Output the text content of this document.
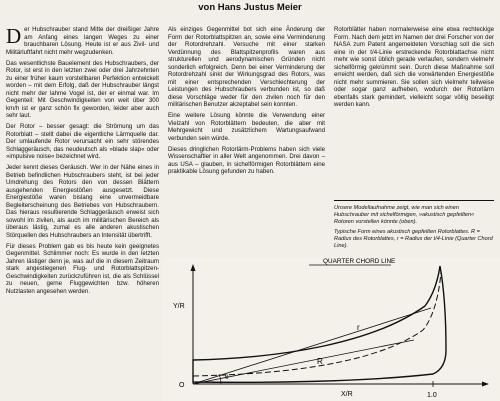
von Hans Justus Meier

Der Hubschrauber stand Mitte der dreißiger Jahre am Anfang eines langen Weges zu einer brauchbaren Lösung. Heute ist er aus Zivil- und Militärluftfahrt nicht mehr wegzudenken.

Das wesentlichste Bauelement des Hubschraubers, der Rotor, ist erst in den letzten zwei oder drei Jahrzehnten zu einer früher kaum vorstellbaren Perfektion entwickelt worden – mit dem Erfolg, daß der Hubschrauber längst nicht mehr der lahme Vogel ist, der er einmal war. Im Gegenteil: Mit Geschwindigkeiten von weit über 300 km/h ist er ganz schön fix geworden, leider aber auch sehr laut.

Der Rotor – besser gesagt: die Strömung um das Rotorblatt – stellt dabei die eigentliche Lärmquelle dar. Der umlaufende Rotor verursacht ein sehr störendes Schlaggeräusch, das neudeutsch als »blade slap« oder »impulsive noise« bezeichnet wird.

Jeder kennt dieses Geräusch. Wer in der Nähe eines in Betrieb befindlichen Hubschraubers steht, ist bei jeder Umdrehung des Rotors den von dessen Blättern ausgehenden Energiestößen ausgesetzt. Diese Energiestöße waren bislang eine unvermeidbare Begleiterscheinung des Betriebes von Hubschraubern. Das hieraus resultierende Schlaggeräusch erweist sich sowohl im zivilen, als auch im militärischen Bereich als überaus lästig, zumal es alle anderen akustischen Störquellen des Hubschraubers an Intensität übertrifft.

Für dieses Problem gab es bis heute kein geeignetes Gegenmittel. Schlimmer noch: Es wurde in den letzten Jahren lästiger denn je, was auf die in diesem Zeitraum stark angestiegenen Flug- und Rotorblattspitzen-Geschwindigkeiten zurückzuführen ist, die als Schlüssel zu neuen, gerne Fluggewichten bzw. höheren Nutzlasten angesehen werden.

Als einziges Gegenmittel bot sich eine Änderung der Form der Rotorblattspitzen an, sowie eine Verminderung der Rotordrehzahl. Versuche mit einer starken Verdünnung des Blattspitzenprofils waren aus strukturellen und aerodynamischen Gründen nicht sonderlich erfolgreich. Denn bei einer Verminderung der Rotordrehzahl sinkt der Wirkungsgrad des Rotors, was mit einer entsprechenden Verschlechterung der Leistungen des Hubschraubers verbunden ist, so daß diese Vorschläge weder für den zivilen noch für den militärischen Benutzer akzeptabel sein konnten.

Eine weitere Lösung könnte die Verwendung einer Vielzahl von Rotorblättern bedeuten, die aber mit Mehrgewicht und zusätzlichem Wartungsaufwand verbunden sein würde.

Dieses dringlichen Rotorlärm-Problems haben sich viele Wissenschaftler in aller Welt angenommen. Drei davon – aus USA – glauben, in sichelförmigen Rotorblättern eine praktikable Lösung gefunden zu haben.

Rotorblätter haben normalerweise eine etwa rechteckige Form. Nach dem jetzt im Namen der drei Forscher von der NASA zum Patent angemeldeten Vorschlag soll die sich eine in der t/4-Linie erstreckende Rotorblattachse nicht mehr wie sonst üblich gerade verlaufen, sondern vielmehr sichelförmig gekrümmt sein. Durch diese Maßnahme soll erreicht werden, daß sich die vorwärtenden Energiestöße nicht mehr summieren. Sie sollen sich vielmehr teilweise oder sogar ganz aufheben, wodurch der Rotorlärm ebenfalls stark gemindert, vielleicht sogar völlig beseitigt werden kann.

Unsere Modellaufnahme zeigt, wie man sich einen Hubschrauber mit sichelförmigen, »akustisch gepfeilten« Rotoren vorstellen könnte (oben).
Typische Form eines akustisch gepfeilten Rotorblattes. R = Radius des Rotorblattes, r = Radius der t/4-Linie (Quarter Chord Line).
QUARTER CHORD LINE
Y/R
X/R
O
1.0
r
R
θ
